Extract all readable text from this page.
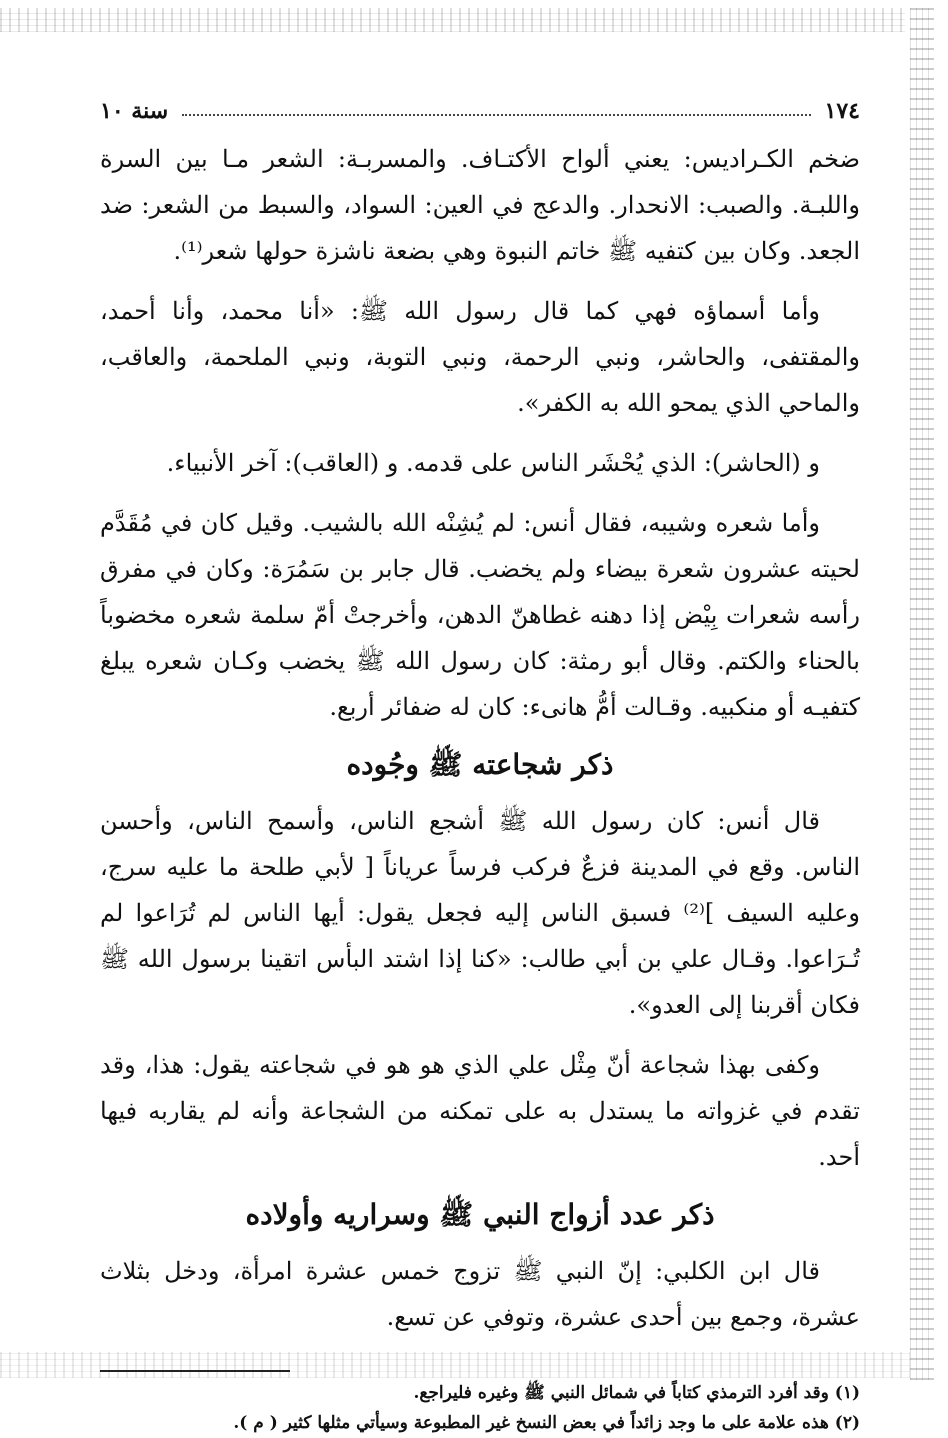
١٧٤
سنة ١٠

ضخم الكـراديس: يعني ألواح الأكتـاف. والمسربـة: الشعر مـا بين السرة واللبـة. والصبب: الانحدار. والدعج في العين: السواد، والسبط من الشعر: ضد الجعد. وكان بين كتفيه ﷺ خاتم النبوة وهي بضعة ناشزة حولها شعر⁽¹⁾.

وأما أسماؤه فهي كما قال رسول الله ﷺ: «أنا محمد، وأنا أحمد، والمقتفى، والحاشر، ونبي الرحمة، ونبي التوبة، ونبي الملحمة، والعاقب، والماحي الذي يمحو الله به الكفر».

و (الحاشر): الذي يُحْشَر الناس على قدمه. و (العاقب): آخر الأنبياء.

وأما شعره وشيبه، فقال أنس: لم يُشِنْه الله بالشيب. وقيل كان في مُقَدَّم لحيته عشرون شعرة بيضاء ولم يخضب. قال جابر بن سَمُرَة: وكان في مفرق رأسه شعرات بِيْض إذا دهنه غطاهنّ الدهن، وأخرجتْ أمّ سلمة شعره مخضوباً بالحناء والكتم. وقال أبو رمثة: كان رسول الله ﷺ يخضب وكـان شعره يبلغ كتفيـه أو منكبيه. وقـالت أمُّ هانىء: كان له ضفائر أربع.

ذكر شجاعته ﷺ وجُوده

قال أنس: كان رسول الله ﷺ أشجع الناس، وأسمح الناس، وأحسن الناس. وقع في المدينة فزعٌ فركب فرساً عرياناً [ لأبي طلحة ما عليه سرج، وعليه السيف ]⁽²⁾ فسبق الناس إليه فجعل يقول: أيها الناس لم تُرَاعوا لم تُـرَاعوا. وقـال علي بن أبي طالب: «كنا إذا اشتد البأس اتقينا برسول الله ﷺ فكان أقربنا إلى العدو».

وكفى بهذا شجاعة أنّ مِثْل علي الذي هو هو في شجاعته يقول: هذا، وقد تقدم في غزواته ما يستدل به على تمكنه من الشجاعة وأنه لم يقاربه فيها أحد.

ذكر عدد أزواج النبي ﷺ وسراريه وأولاده

قال ابن الكلبي: إنّ النبي ﷺ تزوج خمس عشرة امرأة، ودخل بثلاث عشرة، وجمع بين أحدى عشرة، وتوفي عن تسع.

(١) وقد أفرد الترمذي كتاباً في شمائل النبي ﷺ وغيره فليراجع.

(٢) هذه علامة على ما وجد زائداً في بعض النسخ غير المطبوعة وسيأتي مثلها كثير ( م ).
